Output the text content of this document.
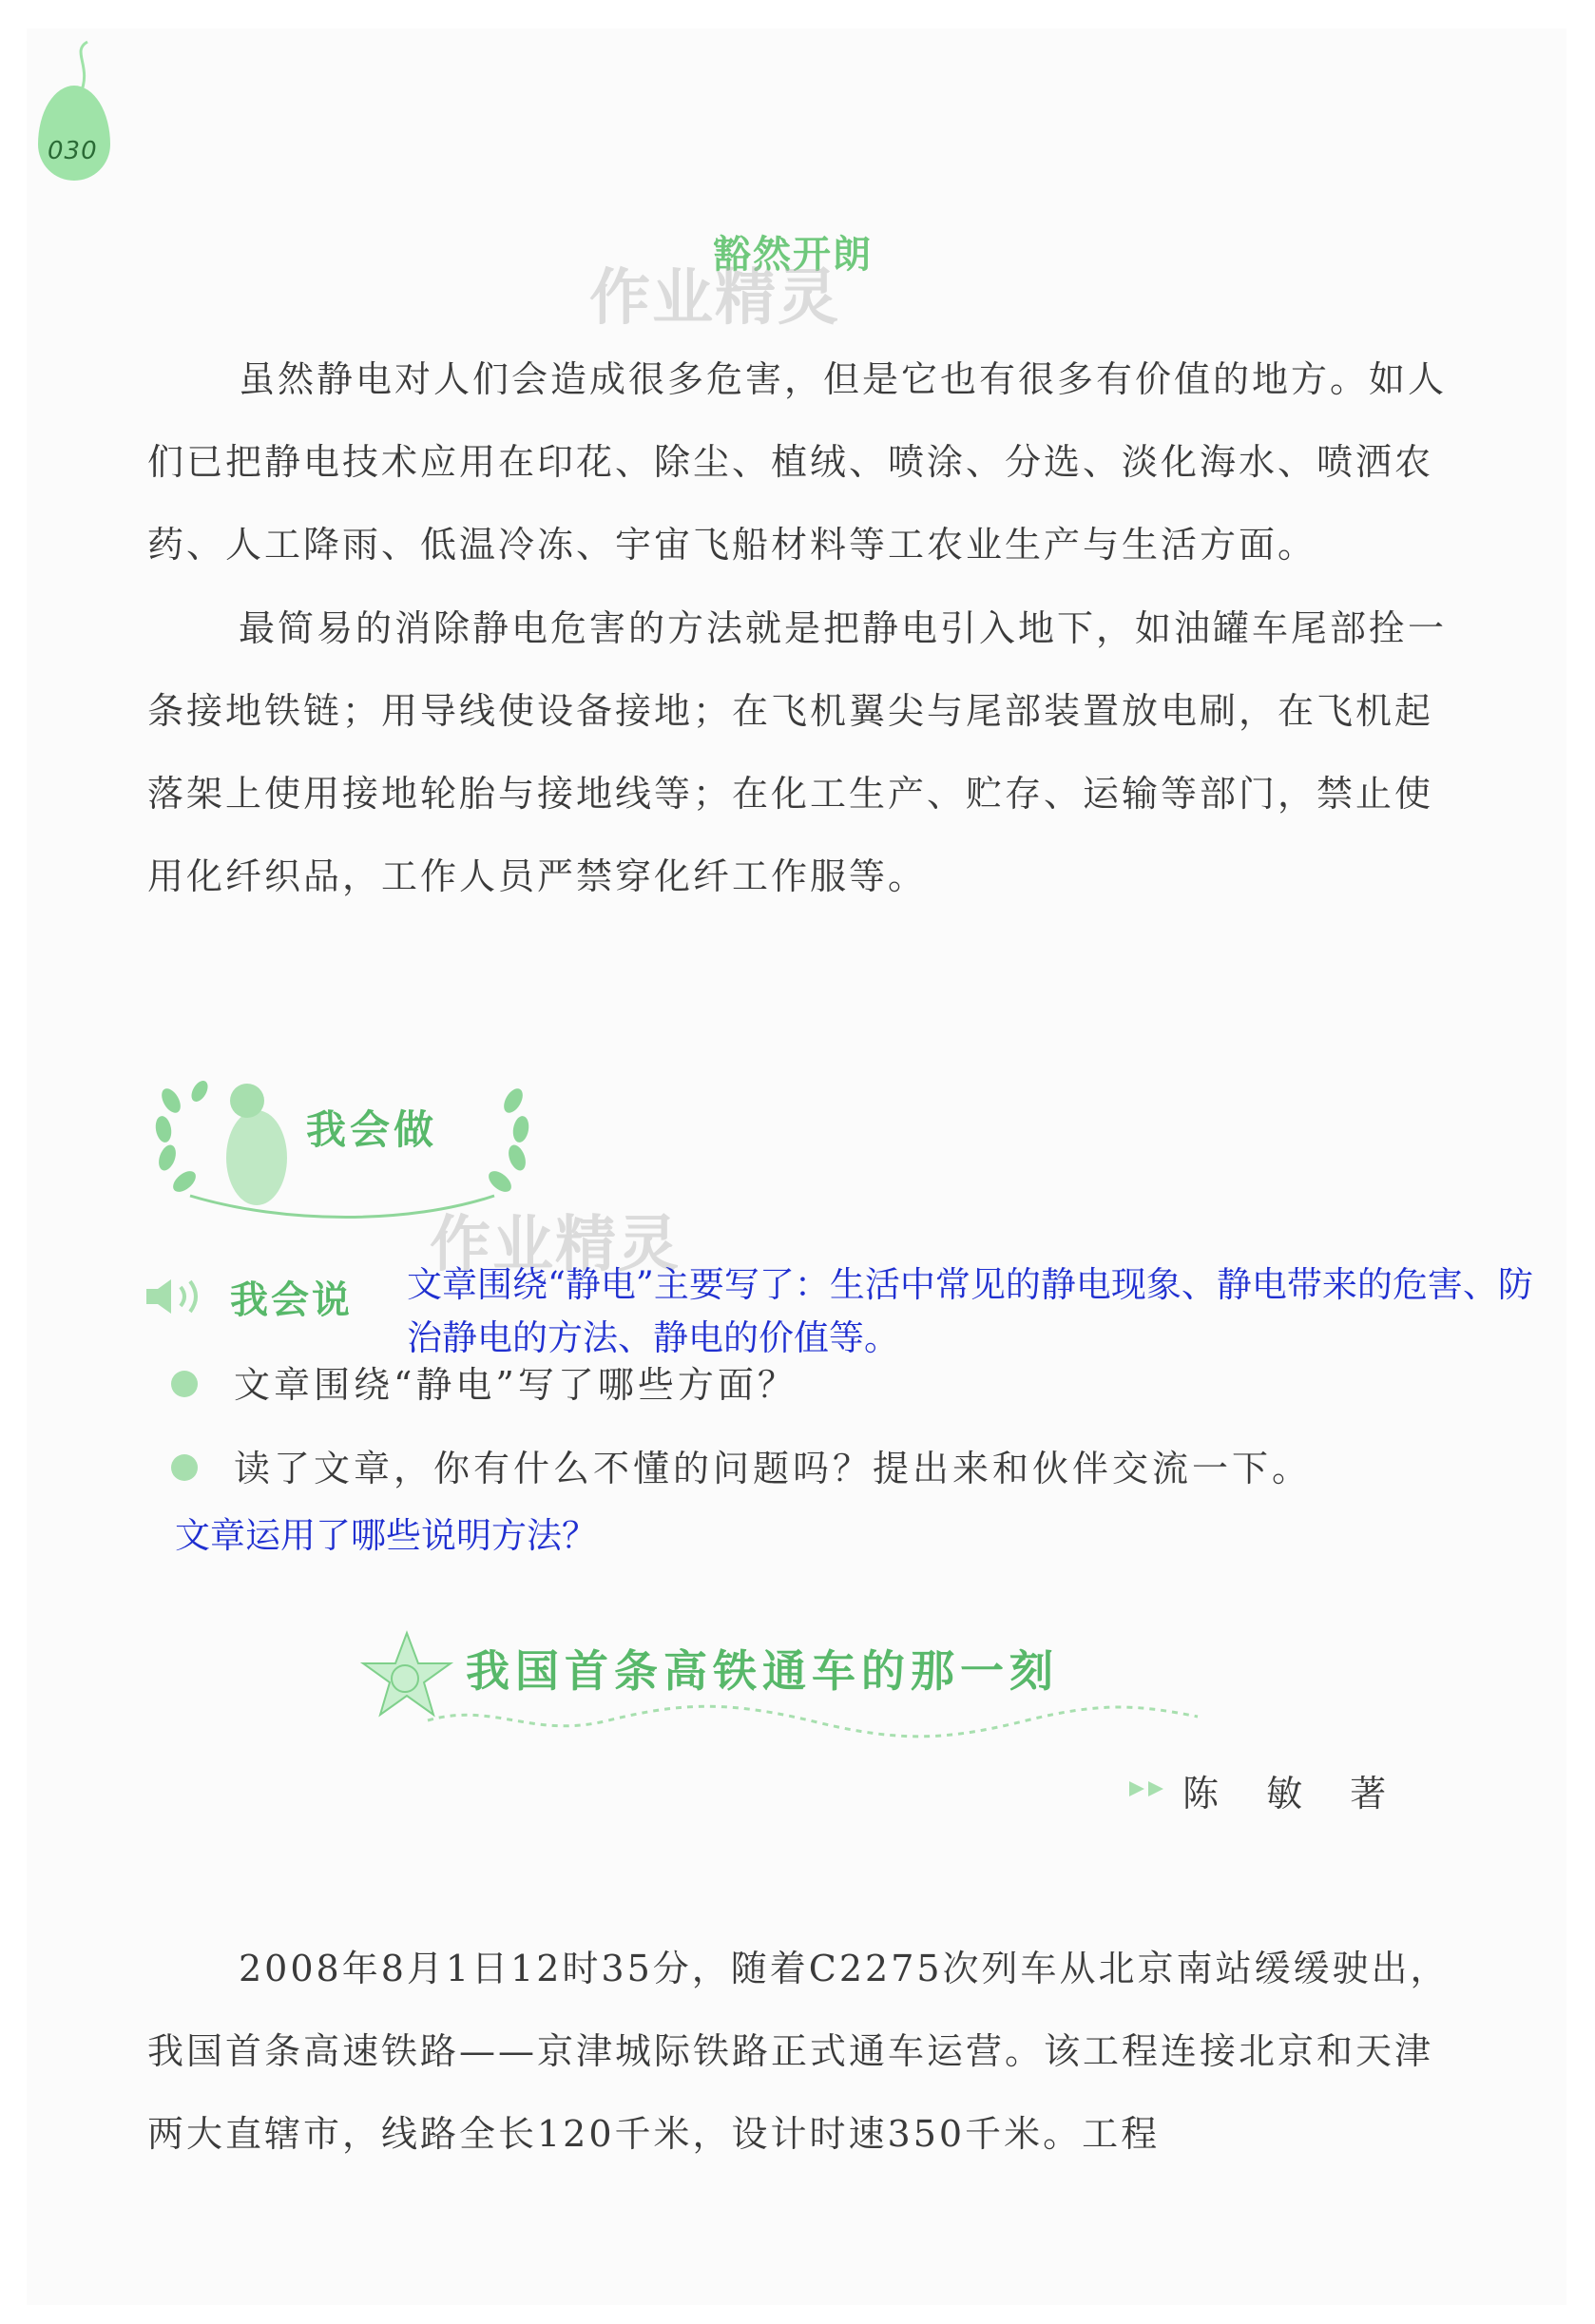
030
豁然开朗
作业精灵

虽然静电对人们会造成很多危害，但是它也有很多有价值的地方。如人们已把静电技术应用在印花、除尘、植绒、喷涂、分选、淡化海水、喷洒农药、人工降雨、低温冷冻、宇宙飞船材料等工农业生产与生活方面。

最简易的消除静电危害的方法就是把静电引入地下，如油罐车尾部拴一条接地铁链；用导线使设备接地；在飞机翼尖与尾部装置放电刷，在飞机起落架上使用接地轮胎与接地线等；在化工生产、贮存、运输等部门，禁止使用化纤织品，工作人员严禁穿化纤工作服等。

我会做
作业精灵
我会说 文章围绕“静电”主要写了：生活中常见的静电现象、静电带来的危害、防治静电的方法、静电的价值等。

文章围绕“静电”写了哪些方面？
读了文章，你有什么不懂的问题吗？提出来和伙伴交流一下。

文章运用了哪些说明方法？

我国首条高铁通车的那一刻
陈 敏 著

2008年8月1日12时35分，随着C2275次列车从北京南站缓缓驶出，我国首条高速铁路——京津城际铁路正式通车运营。该工程连接北京和天津两大直辖市，线路全长120千米，设计时速350千米。工程
